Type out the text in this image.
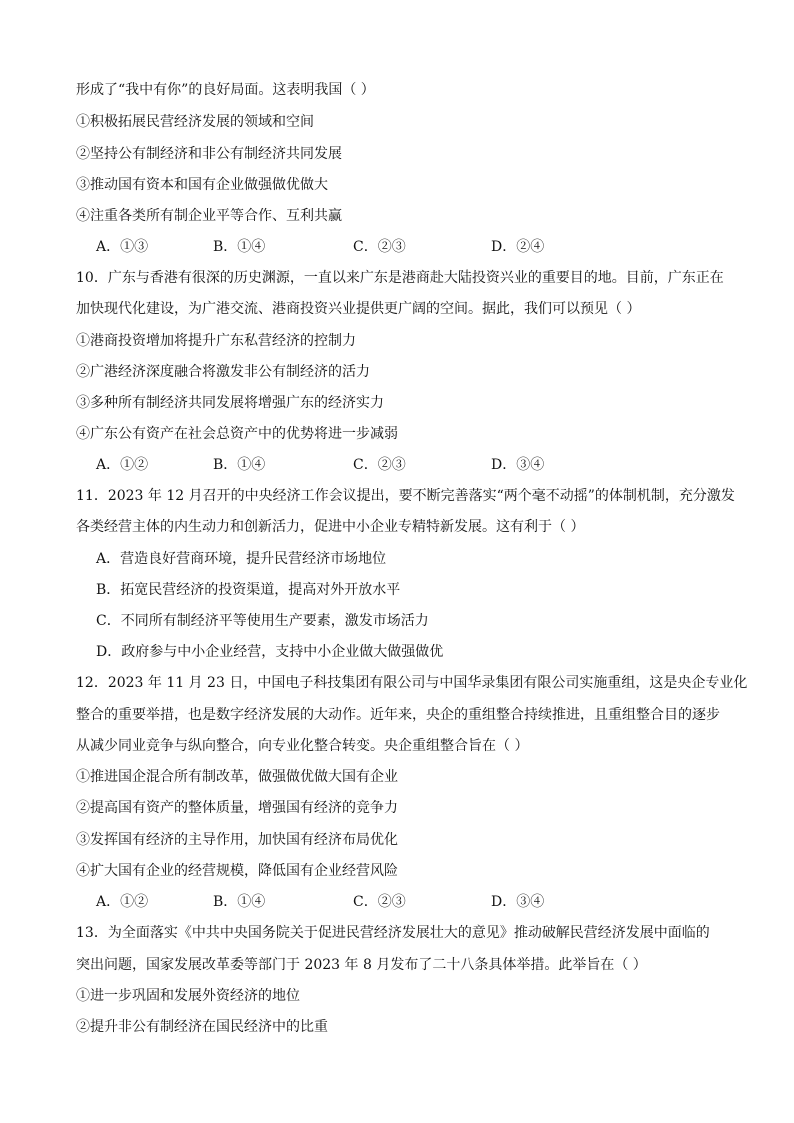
形成了“我中有你”的良好局面。这表明我国（ ）
①积极拓展民营经济发展的领域和空间
②坚持公有制经济和非公有制经济共同发展
③推动国有资本和国有企业做强做优做大
④注重各类所有制企业平等合作、互利共赢
A．①③	B．①④	C．②③	D．②④
10．广东与香港有很深的历史渊源，一直以来广东是港商赴大陆投资兴业的重要目的地。目前，广东正在
加快现代化建设，为广港交流、港商投资兴业提供更广阔的空间。据此，我们可以预见（ ）
①港商投资增加将提升广东私营经济的控制力
②广港经济深度融合将激发非公有制经济的活力
③多种所有制经济共同发展将增强广东的经济实力
④广东公有资产在社会总资产中的优势将进一步减弱
A．①②	B．①④	C．②③	D．③④
11．2023 年 12 月召开的中央经济工作会议提出，要不断完善落实“两个毫不动摇”的体制机制，充分激发
各类经营主体的内生动力和创新活力，促进中小企业专精特新发展。这有利于（ ）
A．营造良好营商环境，提升民营经济市场地位
B．拓宽民营经济的投资渠道，提高对外开放水平
C．不同所有制经济平等使用生产要素，激发市场活力
D．政府参与中小企业经营，支持中小企业做大做强做优
12．2023 年 11 月 23 日，中国电子科技集团有限公司与中国华录集团有限公司实施重组，这是央企专业化
整合的重要举措，也是数字经济发展的大动作。近年来，央企的重组整合持续推进，且重组整合目的逐步
从减少同业竞争与纵向整合，向专业化整合转变。央企重组整合旨在（ ）
①推进国企混合所有制改革，做强做优做大国有企业
②提高国有资产的整体质量，增强国有经济的竞争力
③发挥国有经济的主导作用，加快国有经济布局优化
④扩大国有企业的经营规模，降低国有企业经营风险
A．①②	B．①④	C．②③	D．③④
13．为全面落实《中共中央国务院关于促进民营经济发展壮大的意见》推动破解民营经济发展中面临的
突出问题，国家发展改革委等部门于 2023 年 8 月发布了二十八条具体举措。此举旨在（ ）
①进一步巩固和发展外资经济的地位
②提升非公有制经济在国民经济中的比重
